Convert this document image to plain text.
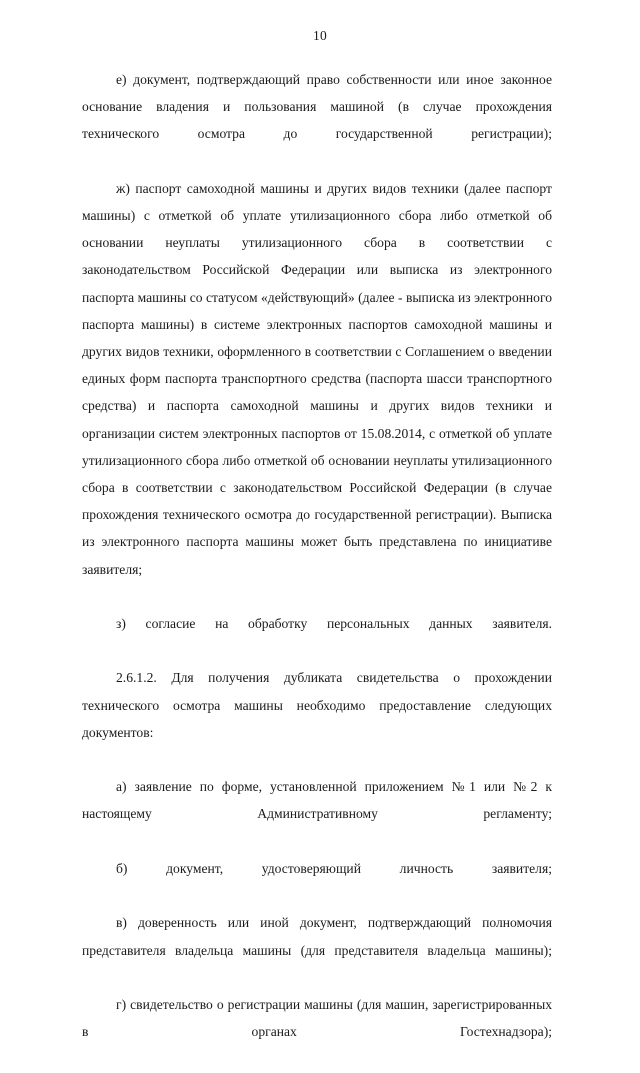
10

е) документ, подтверждающий право собственности или иное законное основание владения и пользования машиной (в случае прохождения технического осмотра до государственной регистрации);

ж) паспорт самоходной машины и других видов техники (далее паспорт машины) с отметкой об уплате утилизационного сбора либо отметкой об основании неуплаты утилизационного сбора в соответствии с законодательством Российской Федерации или выписка из электронного паспорта машины со статусом «действующий» (далее - выписка из электронного паспорта машины) в системе электронных паспортов самоходной машины и других видов техники, оформленного в соответствии с Соглашением о введении единых форм паспорта транспортного средства (паспорта шасси транспортного средства) и паспорта самоходной машины и других видов техники и организации систем электронных паспортов от 15.08.2014, с отметкой об уплате утилизационного сбора либо отметкой об основании неуплаты утилизационного сбора в соответствии с законодательством Российской Федерации (в случае прохождения технического осмотра до государственной регистрации). Выписка из электронного паспорта машины может быть представлена по инициативе заявителя;

з) согласие на обработку персональных данных заявителя.

2.6.1.2. Для получения дубликата свидетельства о прохождении технического осмотра машины необходимо предоставление следующих документов:

а) заявление по форме, установленной приложением №1 или №2 к настоящему Административному регламенту;

б) документ, удостоверяющий личность заявителя;

в) доверенность или иной документ, подтверждающий полномочия представителя владельца машины (для представителя владельца машины);

г) свидетельство о регистрации машины (для машин, зарегистрированных в органах Гостехнадзора);
